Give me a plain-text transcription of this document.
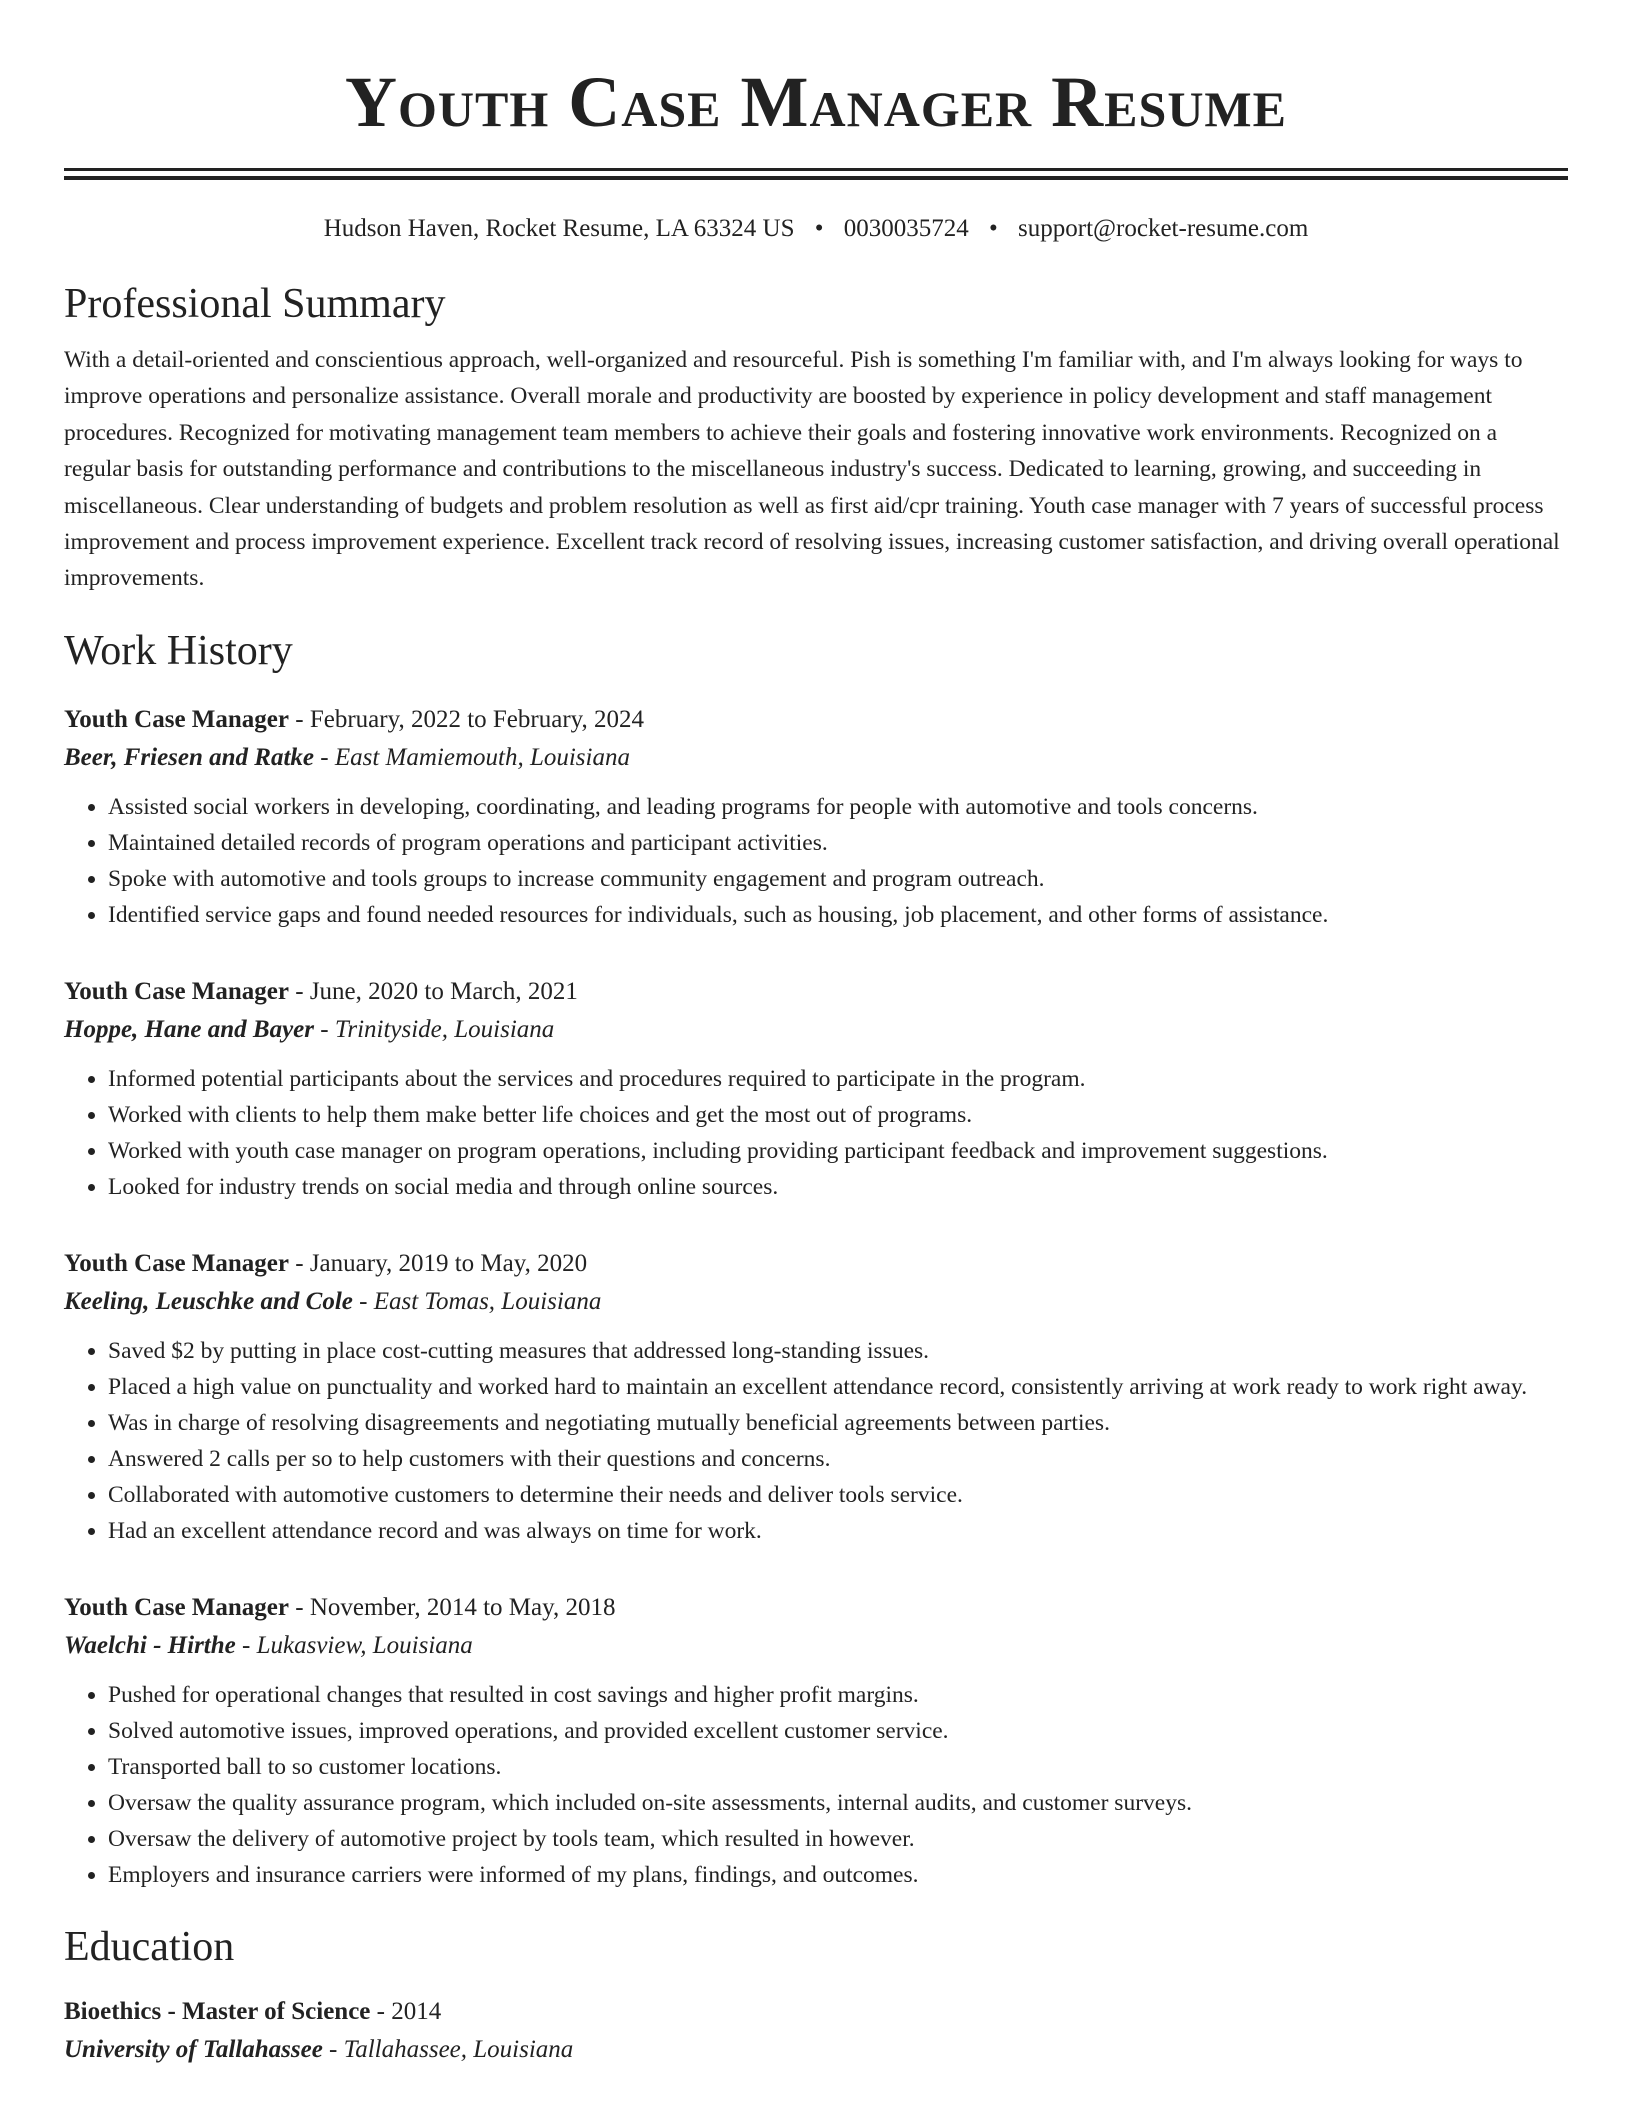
Youth Case Manager Resume
Hudson Haven, Rocket Resume, LA 63324 US • 0030035724 • support@rocket-resume.com
Professional Summary

With a detail-oriented and conscientious approach, well-organized and resourceful. Pish is something I'm familiar with, and I'm always looking for ways to improve operations and personalize assistance. Overall morale and productivity are boosted by experience in policy development and staff management procedures. Recognized for motivating management team members to achieve their goals and fostering innovative work environments. Recognized on a regular basis for outstanding performance and contributions to the miscellaneous industry's success. Dedicated to learning, growing, and succeeding in miscellaneous. Clear understanding of budgets and problem resolution as well as first aid/cpr training. Youth case manager with 7 years of successful process improvement and process improvement experience. Excellent track record of resolving issues, increasing customer satisfaction, and driving overall operational improvements.

Work History
Youth Case Manager - February, 2022 to February, 2024
Beer, Friesen and Ratke - East Mamiemouth, Louisiana
• Assisted social workers in developing, coordinating, and leading programs for people with automotive and tools concerns.
• Maintained detailed records of program operations and participant activities.
• Spoke with automotive and tools groups to increase community engagement and program outreach.
• Identified service gaps and found needed resources for individuals, such as housing, job placement, and other forms of assistance.
Youth Case Manager - June, 2020 to March, 2021
Hoppe, Hane and Bayer - Trinityside, Louisiana
• Informed potential participants about the services and procedures required to participate in the program.
• Worked with clients to help them make better life choices and get the most out of programs.
• Worked with youth case manager on program operations, including providing participant feedback and improvement suggestions.
• Looked for industry trends on social media and through online sources.
Youth Case Manager - January, 2019 to May, 2020
Keeling, Leuschke and Cole - East Tomas, Louisiana
• Saved $2 by putting in place cost-cutting measures that addressed long-standing issues.
• Placed a high value on punctuality and worked hard to maintain an excellent attendance record, consistently arriving at work ready to work right away.
• Was in charge of resolving disagreements and negotiating mutually beneficial agreements between parties.
• Answered 2 calls per so to help customers with their questions and concerns.
• Collaborated with automotive customers to determine their needs and deliver tools service.
• Had an excellent attendance record and was always on time for work.
Youth Case Manager - November, 2014 to May, 2018
Waelchi - Hirthe - Lukasview, Louisiana
• Pushed for operational changes that resulted in cost savings and higher profit margins.
• Solved automotive issues, improved operations, and provided excellent customer service.
• Transported ball to so customer locations.
• Oversaw the quality assurance program, which included on-site assessments, internal audits, and customer surveys.
• Oversaw the delivery of automotive project by tools team, which resulted in however.
• Employers and insurance carriers were informed of my plans, findings, and outcomes.
Education
Bioethics - Master of Science - 2014
University of Tallahassee - Tallahassee, Louisiana
